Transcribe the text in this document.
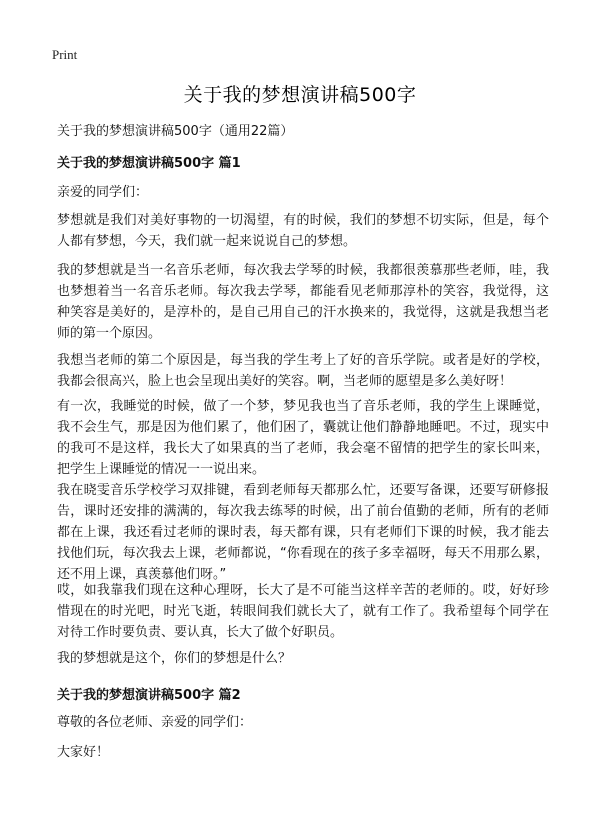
Print
关于我的梦想演讲稿500字
关于我的梦想演讲稿500字（通用22篇）
关于我的梦想演讲稿500字 篇1

亲爱的同学们：

梦想就是我们对美好事物的一切渴望，有的时候，我们的梦想不切实际，但是，每个人都有梦想，今天，我们就一起来说说自己的梦想。

我的梦想就是当一名音乐老师，每次我去学琴的时候，我都很羡慕那些老师，哇，我也梦想着当一名音乐老师。每次我去学琴，都能看见老师那淳朴的笑容，我觉得，这种笑容是美好的，是淳朴的，是自己用自己的汗水换来的，我觉得，这就是我想当老师的第一个原因。

我想当老师的第二个原因是，每当我的学生考上了好的音乐学院。或者是好的学校，我都会很高兴，脸上也会呈现出美好的笑容。啊，当老师的愿望是多么美好呀！

有一次，我睡觉的时候，做了一个梦，梦见我也当了音乐老师，我的学生上课睡觉，我不会生气，那是因为他们累了，他们困了，囊就让他们静静地睡吧。不过，现实中的我可不是这样，我长大了如果真的当了老师，我会毫不留情的把学生的家长叫来，把学生上课睡觉的情况一一说出来。

我在晓雯音乐学校学习双排键，看到老师每天都那么忙，还要写备课，还要写研修报告，课时还安排的满满的，每次我去练琴的时候，出了前台值勤的老师，所有的老师都在上课，我还看过老师的课时表，每天都有课，只有老师们下课的时候，我才能去找他们玩，每次我去上课，老师都说，“你看现在的孩子多幸福呀，每天不用那么累，还不用上课，真羡慕他们呀。”

哎，如我靠我们现在这种心理呀，长大了是不可能当这样辛苦的老师的。哎，好好珍惜现在的时光吧，时光飞逝，转眼间我们就长大了，就有工作了。我希望每个同学在对待工作时要负责、要认真，长大了做个好职员。

我的梦想就是这个，你们的梦想是什么？

关于我的梦想演讲稿500字 篇2

尊敬的各位老师、亲爱的同学们：

大家好！
